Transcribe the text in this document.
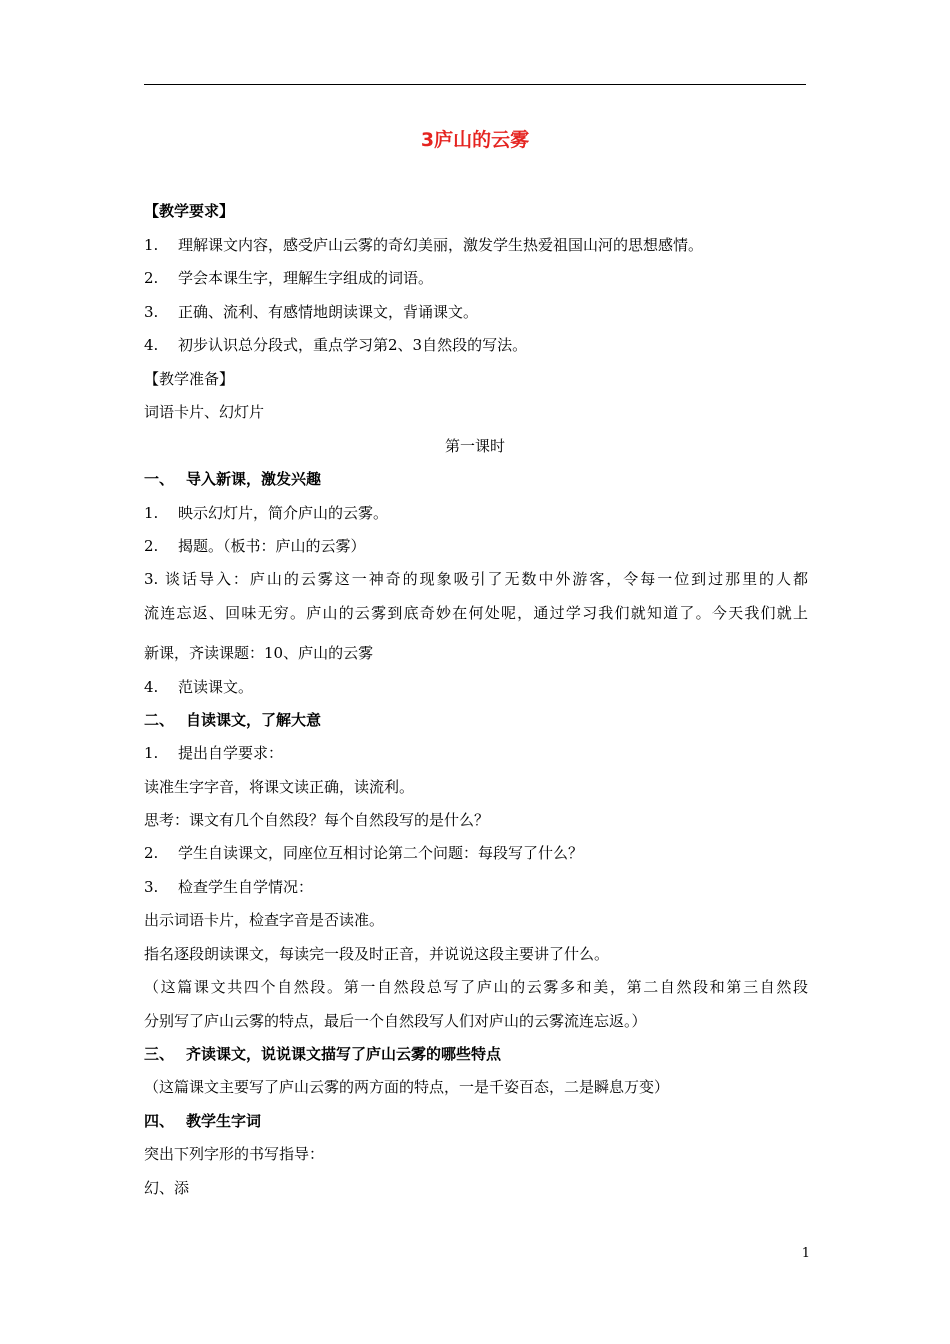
3庐山的云雾
【教学要求】
1. 理解课文内容，感受庐山云雾的奇幻美丽，激发学生热爱祖国山河的思想感情。
2. 学会本课生字，理解生字组成的词语。
3. 正确、流利、有感情地朗读课文，背诵课文。
4. 初步认识总分段式，重点学习第2、3自然段的写法。
【教学准备】
词语卡片、幻灯片
第一课时
一、 导入新课，激发兴趣
1. 映示幻灯片，简介庐山的云雾。
2. 揭题。（板书：庐山的云雾）
3. 谈话导入：庐山的云雾这一神奇的现象吸引了无数中外游客，令每一位到过那里的人都
流连忘返、回味无穷。庐山的云雾到底奇妙在何处呢，通过学习我们就知道了。今天我们就上
新课，齐读课题：10、庐山的云雾
4. 范读课文。
二、 自读课文，了解大意
1. 提出自学要求：
读准生字字音，将课文读正确，读流利。
思考：课文有几个自然段？每个自然段写的是什么？
2. 学生自读课文，同座位互相讨论第二个问题：每段写了什么？
3. 检查学生自学情况：
出示词语卡片，检查字音是否读准。
指名逐段朗读课文，每读完一段及时正音，并说说这段主要讲了什么。
（这篇课文共四个自然段。第一自然段总写了庐山的云雾多和美，第二自然段和第三自然段
分别写了庐山云雾的特点，最后一个自然段写人们对庐山的云雾流连忘返。）
三、 齐读课文，说说课文描写了庐山云雾的哪些特点
（这篇课文主要写了庐山云雾的两方面的特点，一是千姿百态，二是瞬息万变）
四、 教学生字词
突出下列字形的书写指导：
幻、添
1
